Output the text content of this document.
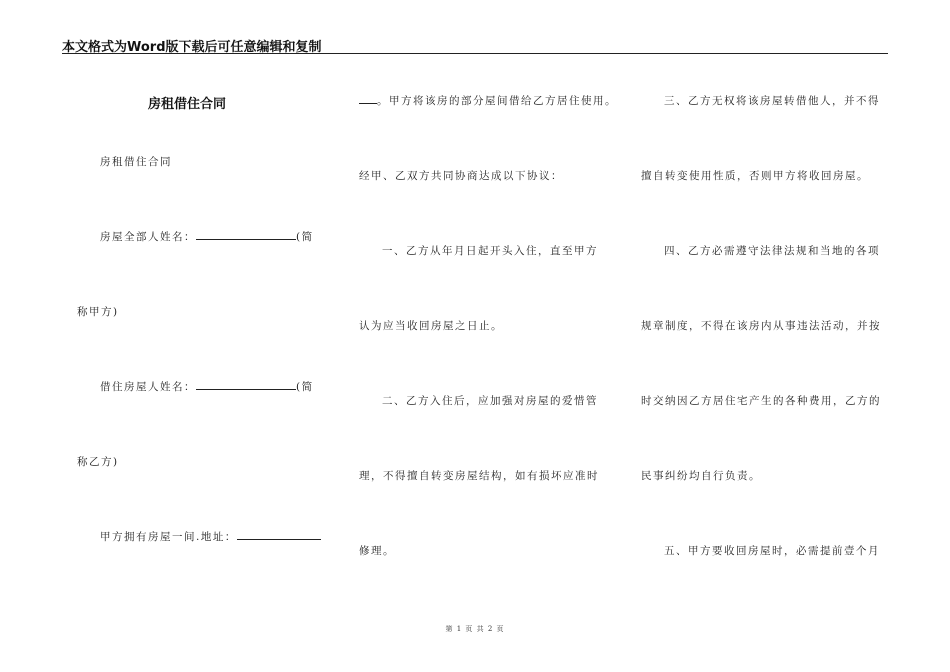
本文格式为Word版下载后可任意编辑和复制
房租借住合同
房租借住合同
房屋全部人姓名：	(简
称甲方)
借住房屋人姓名：	(简
称乙方)
甲方拥有房屋一间.地址：
。甲方将该房的部分屋间借给乙方居住使用。
经甲、乙双方共同协商达成以下协议：
一、乙方从年月日起开头入住，直至甲方
认为应当收回房屋之日止。
二、乙方入住后，应加强对房屋的爱惜管
理，不得擅自转变房屋结构，如有损坏应准时
修理。
三、乙方无权将该房屋转借他人，并不得
擅自转变使用性质，否则甲方将收回房屋。
四、乙方必需遵守法律法规和当地的各项
规章制度，不得在该房内从事违法活动，并按
时交纳因乙方居住宅产生的各种费用，乙方的
民事纠纷均自行负责。
五、甲方要收回房屋时，必需提前壹个月
第 1 页 共 2 页
